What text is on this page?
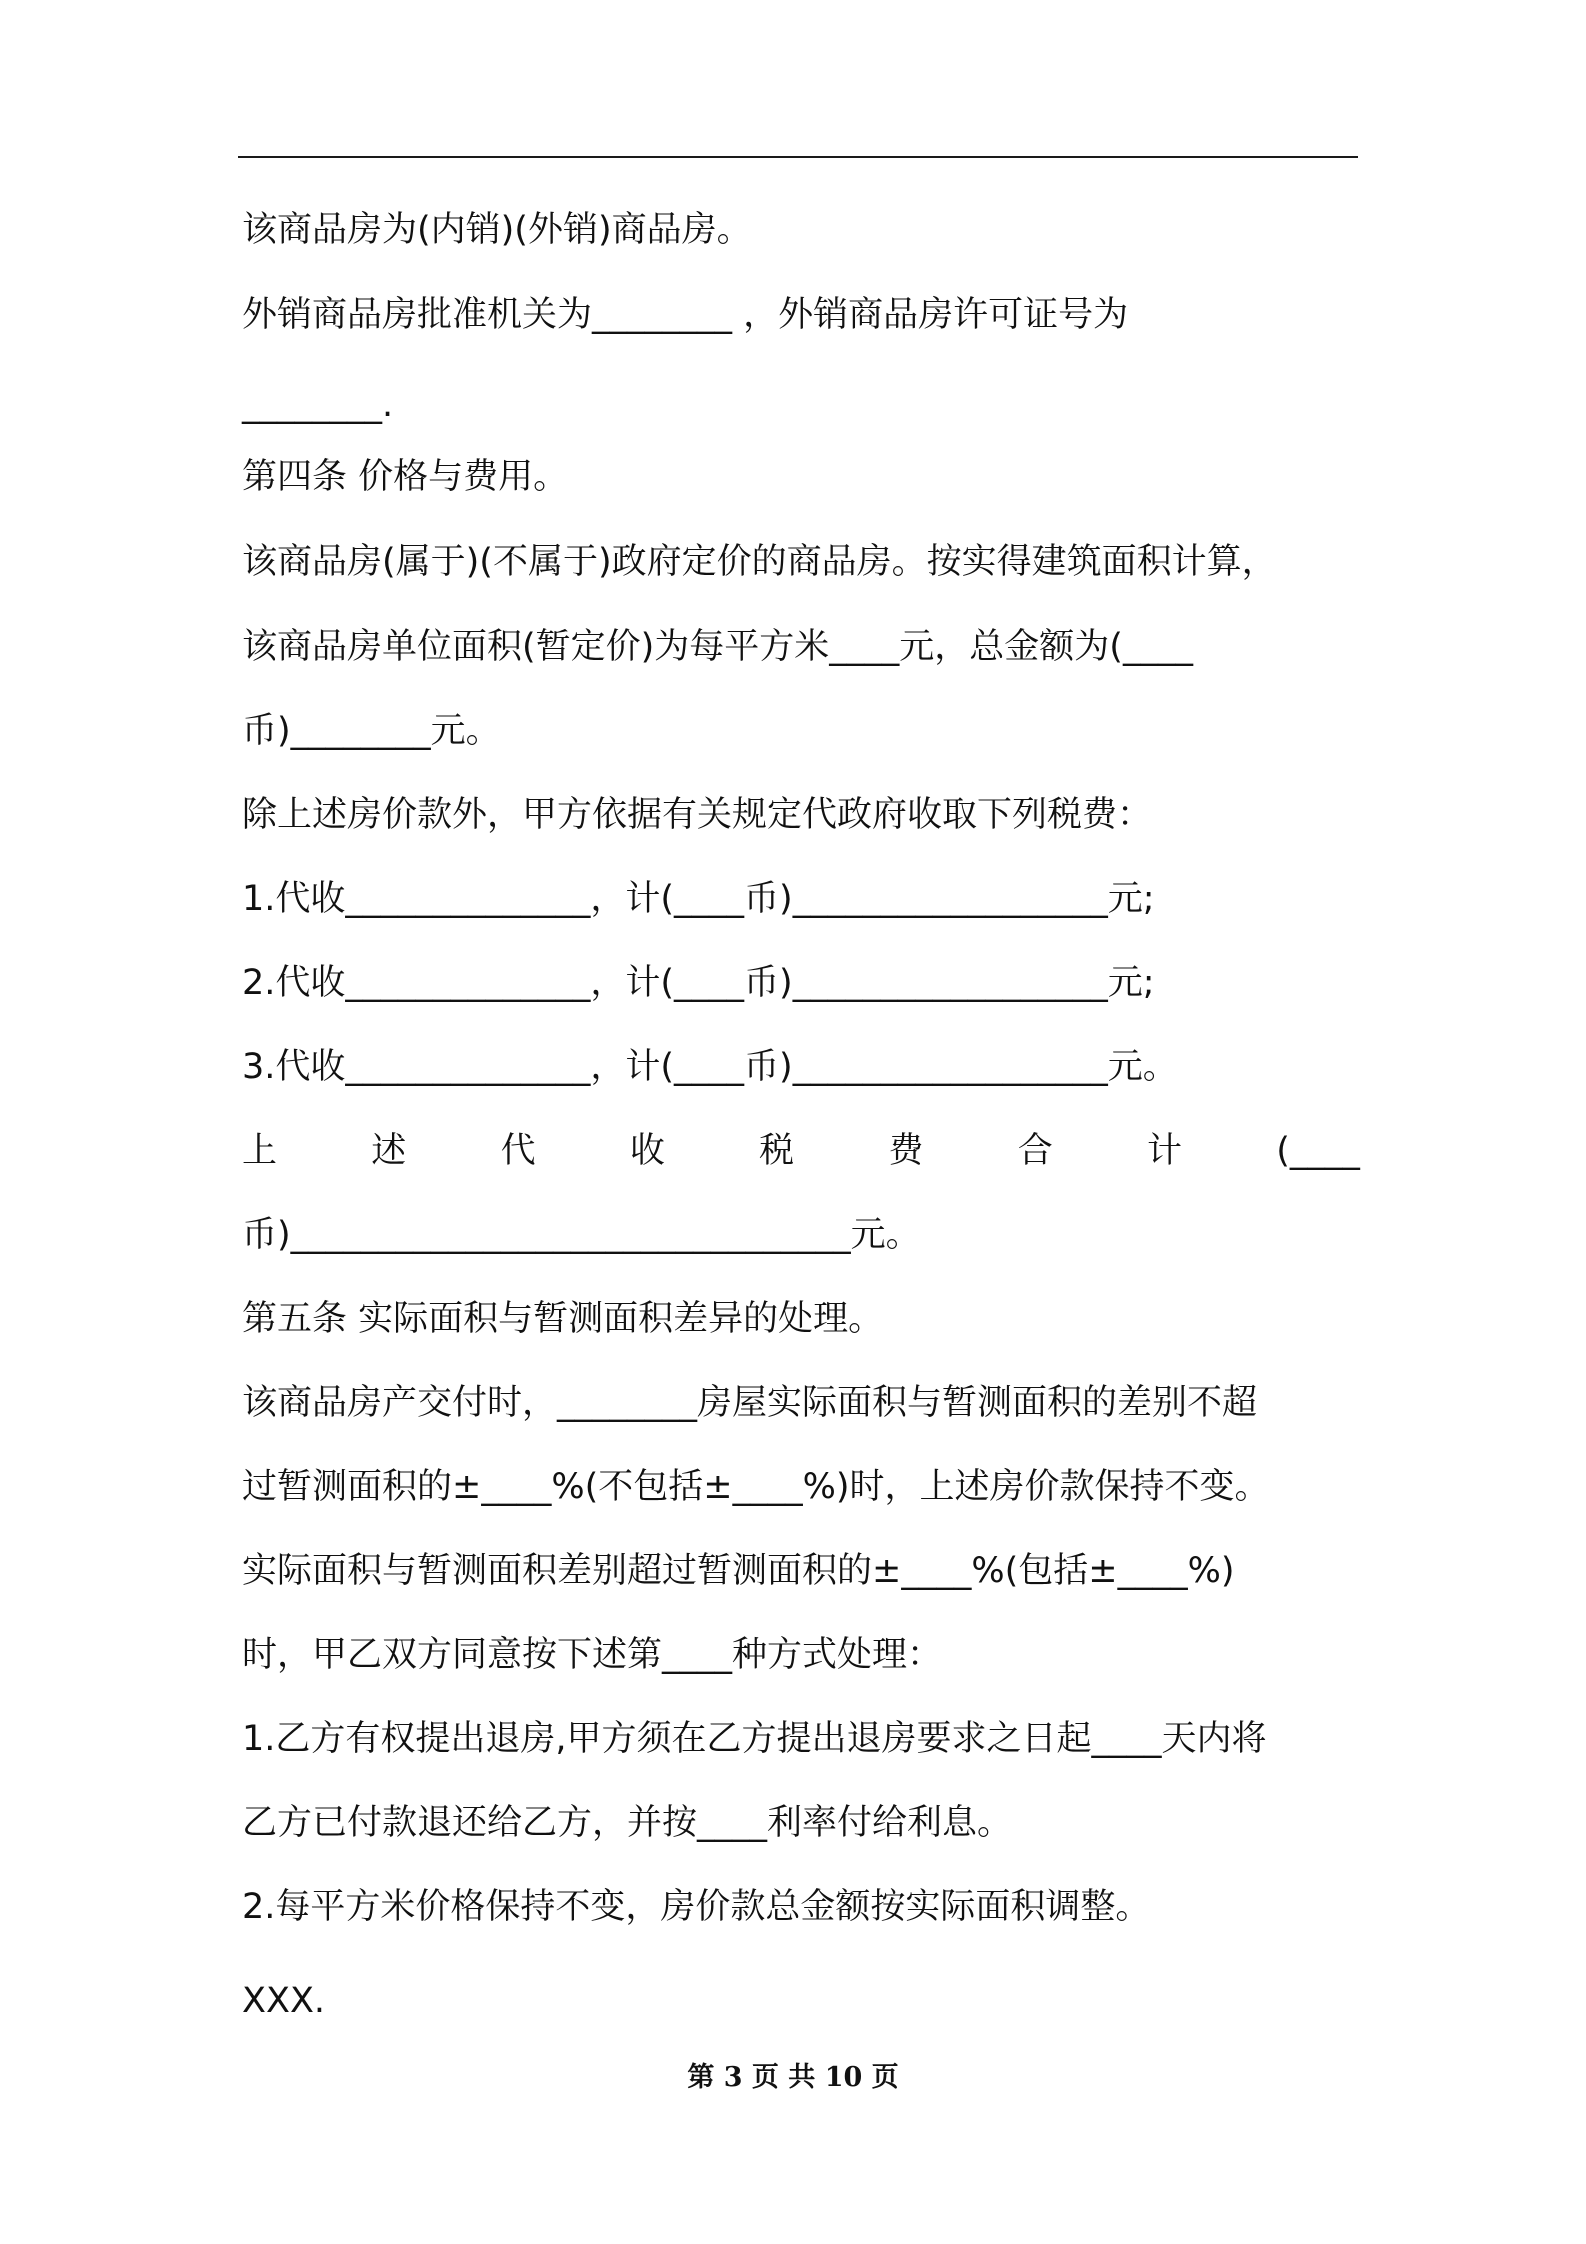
该商品房为(内销)(外销)商品房。
外销商品房批准机关为________ ，外销商品房许可证号为
________.
第四条 价格与费用。
该商品房(属于)(不属于)政府定价的商品房。按实得建筑面积计算，
该商品房单位面积(暂定价)为每平方米____元，总金额为(____
币)________元。
除上述房价款外，甲方依据有关规定代政府收取下列税费：
1.代收______________，计(____币)__________________元;
2.代收______________，计(____币)__________________元;
3.代收______________，计(____币)__________________元。
上	述	代	收	税	费	合	计	(____
币)________________________________元。
第五条 实际面积与暂测面积差异的处理。
该商品房产交付时，________房屋实际面积与暂测面积的差别不超
过暂测面积的±____%(不包括±____%)时，上述房价款保持不变。
实际面积与暂测面积差别超过暂测面积的±____%(包括±____%)
时，甲乙双方同意按下述第____种方式处理：
1.乙方有权提出退房,甲方须在乙方提出退房要求之日起____天内将
乙方已付款退还给乙方，并按____利率付给利息。
2.每平方米价格保持不变，房价款总金额按实际面积调整。
XXX.
第 3 页 共 10 页
